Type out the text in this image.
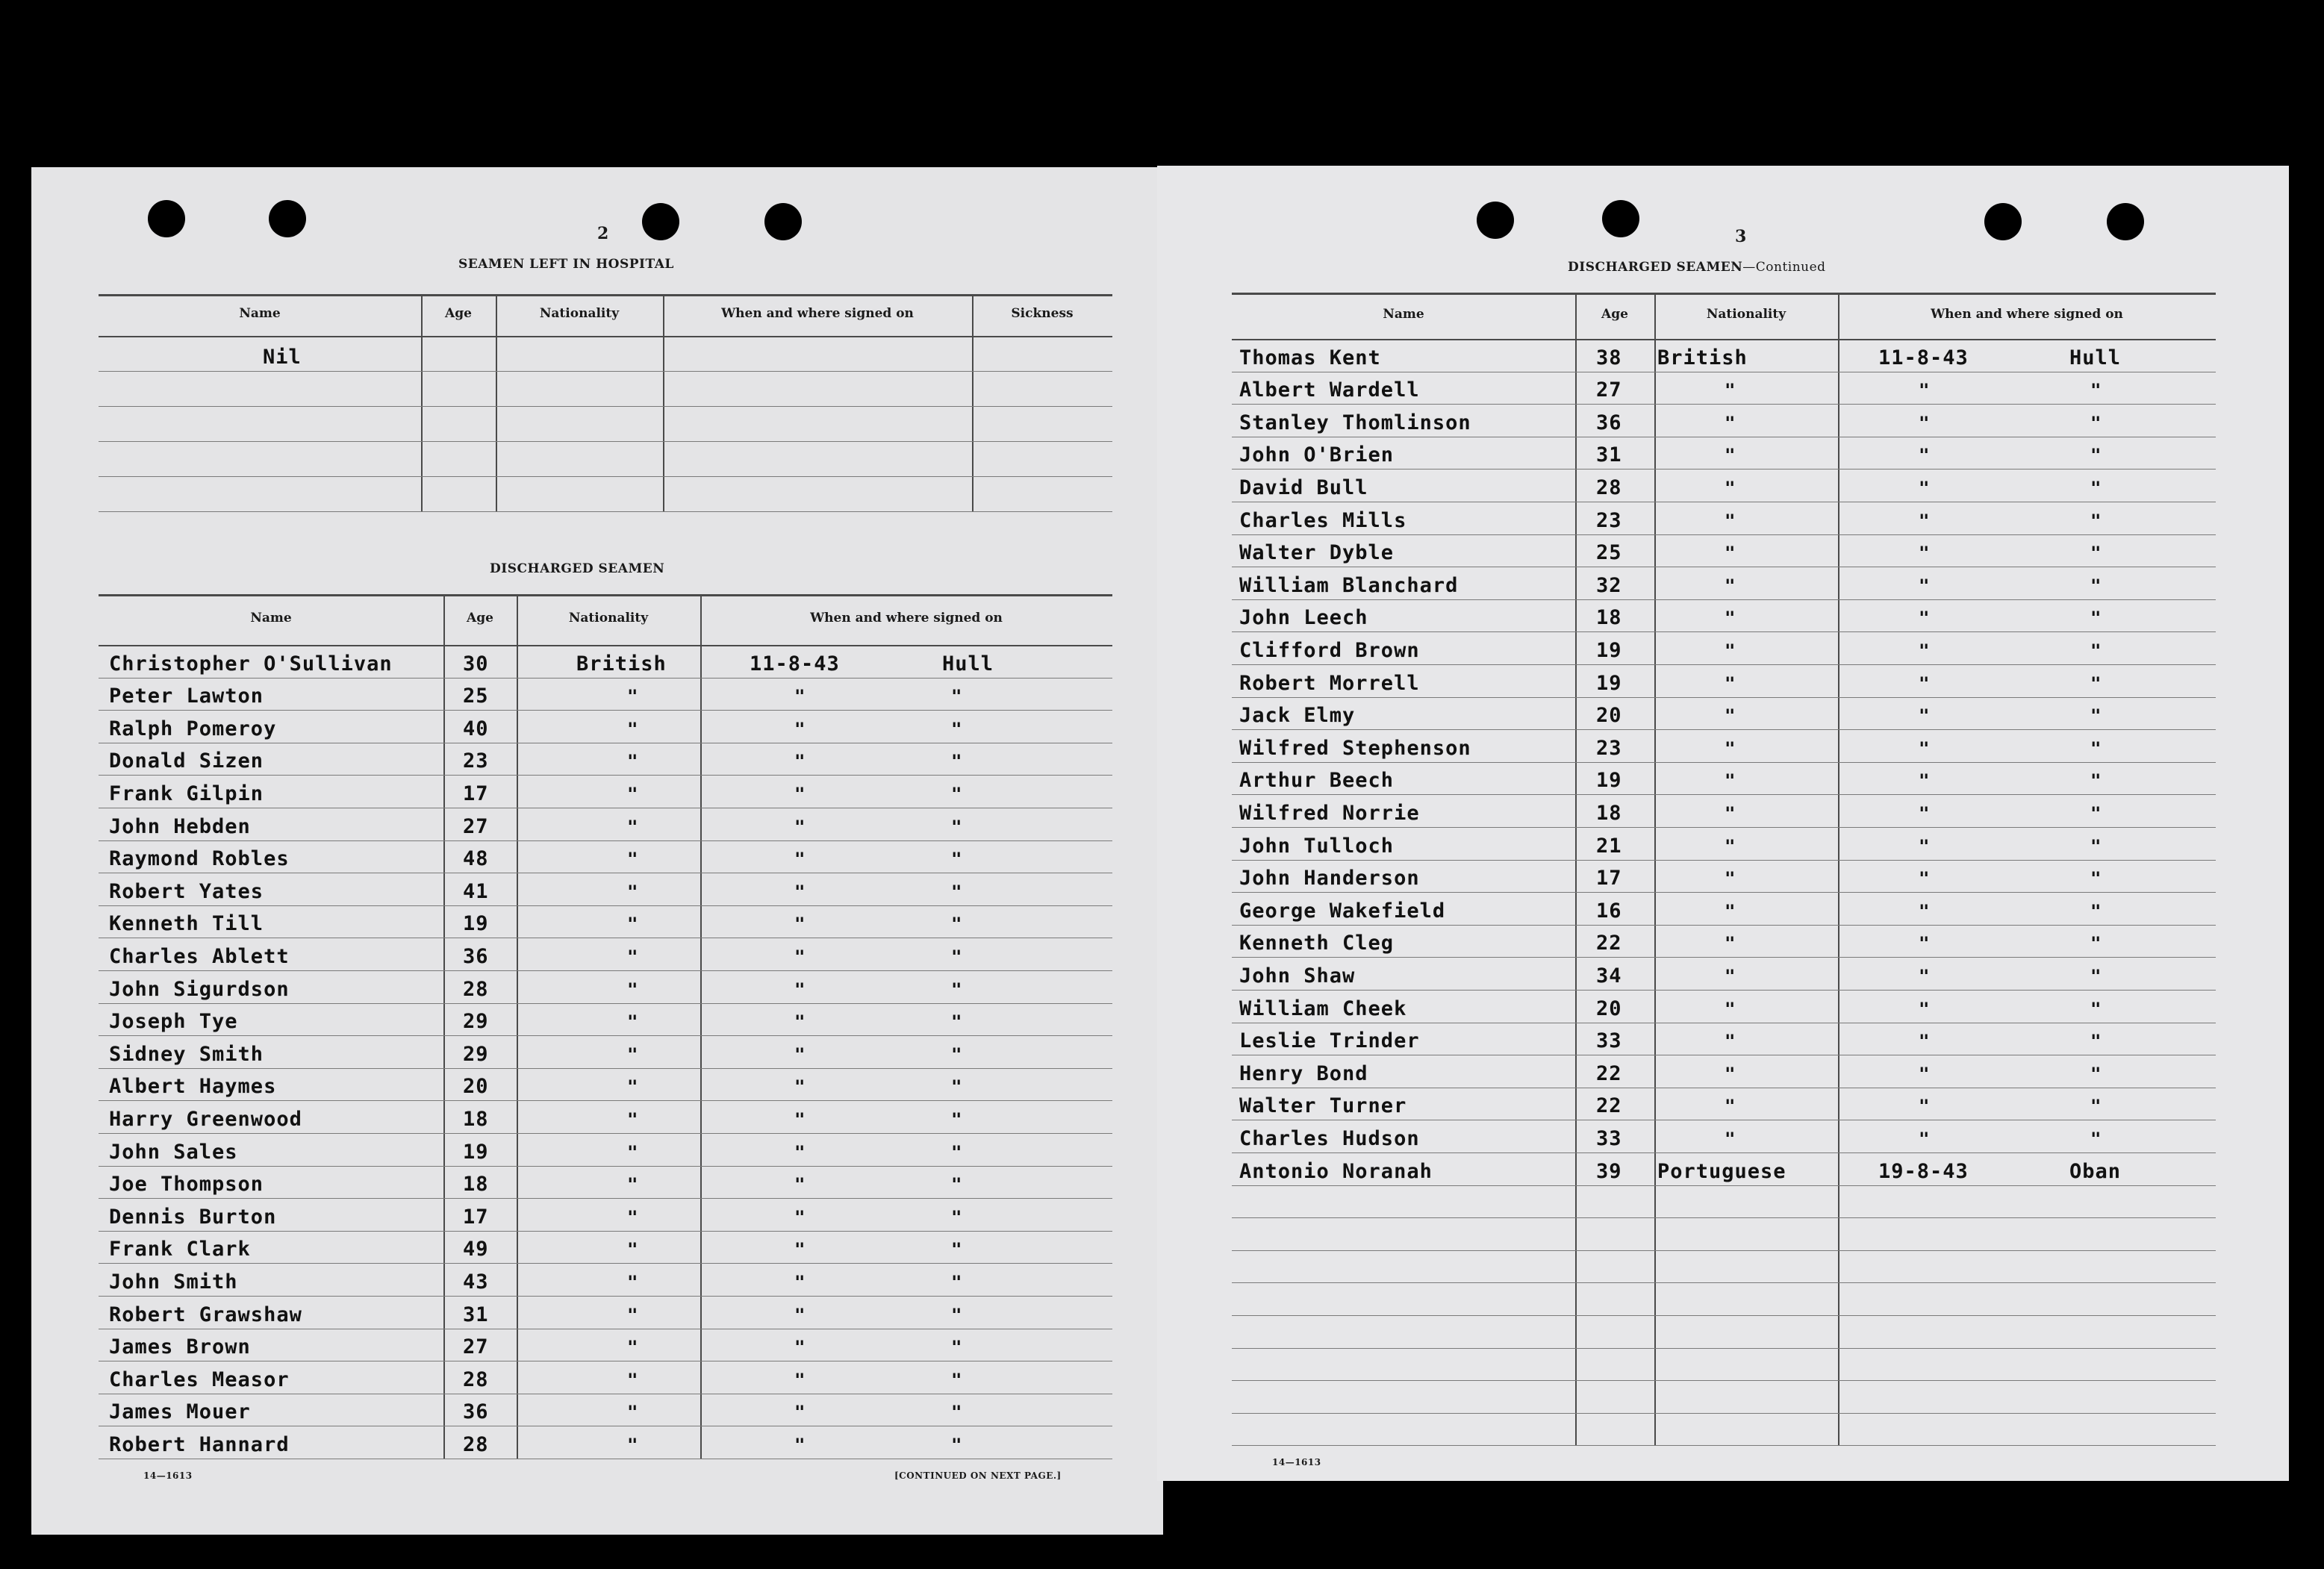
2
SEAMEN LEFT IN HOSPITAL
DISCHARGED SEAMEN
14—1613	[CONTINUED ON NEXT PAGE.]
Name	Age	Nationality	When and where signed on	Sickness
Nil
Name	Age	Nationality	When and where signed on
Christopher O'Sullivan	30	British	11-8-43	Hull
Peter Lawton	25	"	"	"
Ralph Pomeroy	40	"	"	"
Donald Sizen	23	"	"	"
Frank Gilpin	17	"	"	"
John Hebden	27	"	"	"
Raymond Robles	48	"	"	"
Robert Yates	41	"	"	"
Kenneth Till	19	"	"	"
Charles Ablett	36	"	"	"
John Sigurdson	28	"	"	"
Joseph Tye	29	"	"	"
Sidney Smith	29	"	"	"
Albert Haymes	20	"	"	"
Harry Greenwood	18	"	"	"
John Sales	19	"	"	"
Joe Thompson	18	"	"	"
Dennis Burton	17	"	"	"
Frank Clark	49	"	"	"
John Smith	43	"	"	"
Robert Grawshaw	31	"	"	"
James Brown	27	"	"	"
Charles Measor	28	"	"	"
James Mouer	36	"	"	"
Robert Hannard	28	"	"	"
3
DISCHARGED SEAMEN—Continued
14—1613
Name	Age	Nationality	When and where signed on
Thomas Kent	38 British	11-8-43	Hull
Albert Wardell	27	"	"	"
Stanley Thomlinson	36	"	"	"
John O'Brien	31	"	"	"
David Bull	28	"	"	"
Charles Mills	23	"	"	"
Walter Dyble	25	"	"	"
William Blanchard	32	"	"	"
John Leech	18	"	"	"
Clifford Brown	19	"	"	"
Robert Morrell	19	"	"	"
Jack Elmy	20	"	"	"
Wilfred Stephenson	23	"	"	"
Arthur Beech	19	"	"	"
Wilfred Norrie	18	"	"	"
John Tulloch	21	"	"	"
John Handerson	17	"	"	"
George Wakefield	16	"	"	"
Kenneth Cleg	22	"	"	"
John Shaw	34	"	"	"
William Cheek	20	"	"	"
Leslie Trinder	33	"	"	"
Henry Bond	22	"	"	"
Walter Turner	22	"	"	"
Charles Hudson	33	"	"	"
Antonio Noranah	39 Portuguese	19-8-43	Oban
